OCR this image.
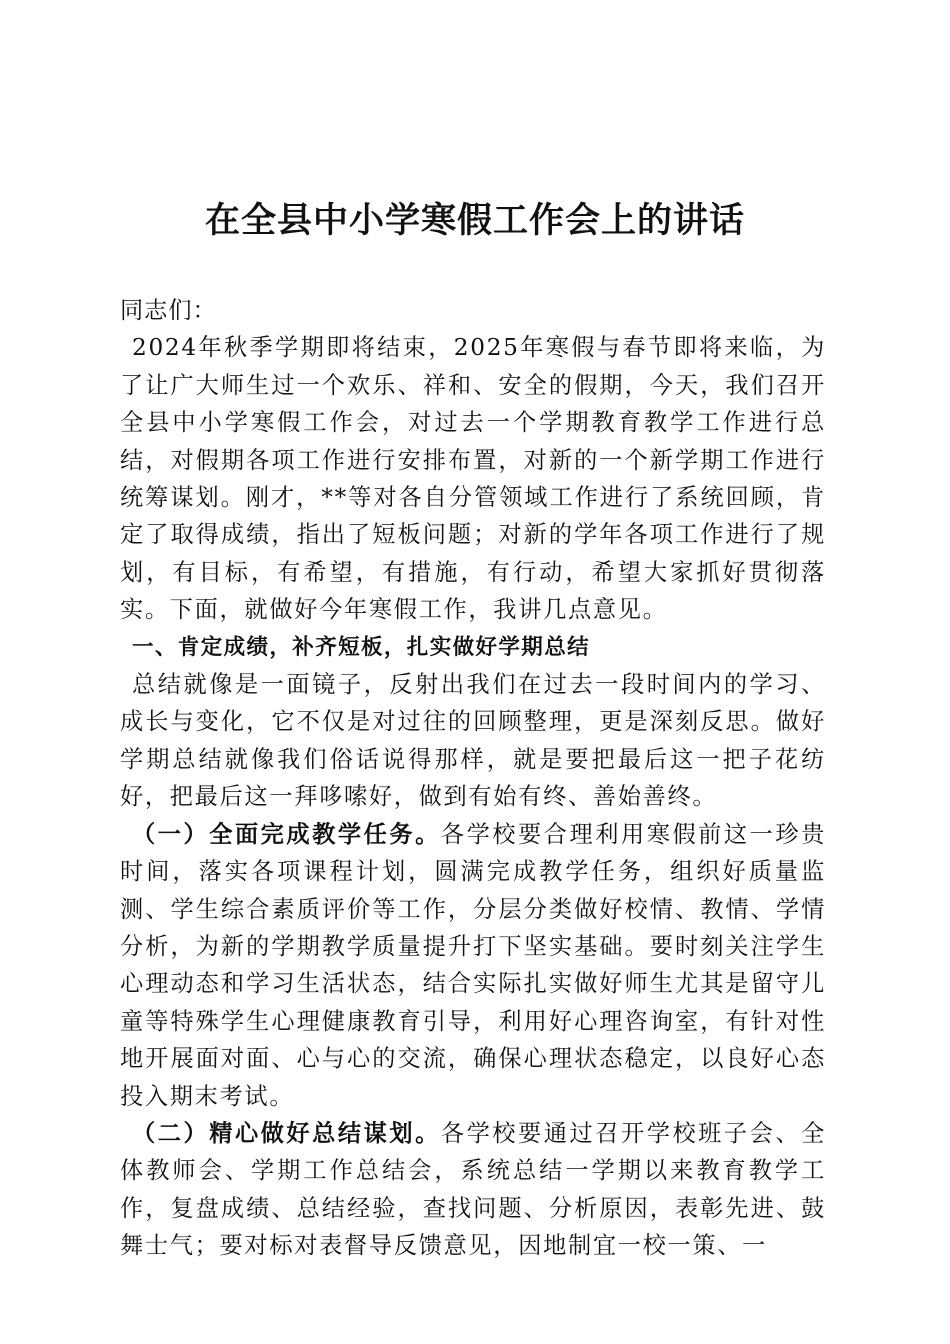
在全县中小学寒假工作会上的讲话

同志们：

2024年秋季学期即将结束，2025年寒假与春节即将来临，为了让广大师生过一个欢乐、祥和、安全的假期，今天，我们召开全县中小学寒假工作会，对过去一个学期教育教学工作进行总结，对假期各项工作进行安排布置，对新的一个新学期工作进行统筹谋划。刚才，**等对各自分管领域工作进行了系统回顾，肯定了取得成绩，指出了短板问题；对新的学年各项工作进行了规划，有目标，有希望，有措施，有行动，希望大家抓好贯彻落实。下面，就做好今年寒假工作，我讲几点意见。

一、肯定成绩，补齐短板，扎实做好学期总结

总结就像是一面镜子，反射出我们在过去一段时间内的学习、成长与变化，它不仅是对过往的回顾整理，更是深刻反思。做好学期总结就像我们俗话说得那样，就是要把最后这一把子花纺好，把最后这一拜哆嗦好，做到有始有终、善始善终。

（一）全面完成教学任务。各学校要合理利用寒假前这一珍贵时间，落实各项课程计划，圆满完成教学任务，组织好质量监测、学生综合素质评价等工作，分层分类做好校情、教情、学情分析，为新的学期教学质量提升打下坚实基础。要时刻关注学生心理动态和学习生活状态，结合实际扎实做好师生尤其是留守儿童等特殊学生心理健康教育引导，利用好心理咨询室，有针对性地开展面对面、心与心的交流，确保心理状态稳定，以良好心态投入期末考试。

（二）精心做好总结谋划。各学校要通过召开学校班子会、全体教师会、学期工作总结会，系统总结一学期以来教育教学工作，复盘成绩、总结经验，查找问题、分析原因，表彰先进、鼓舞士气；要对标对表督导反馈意见，因地制宜一校一策、一
